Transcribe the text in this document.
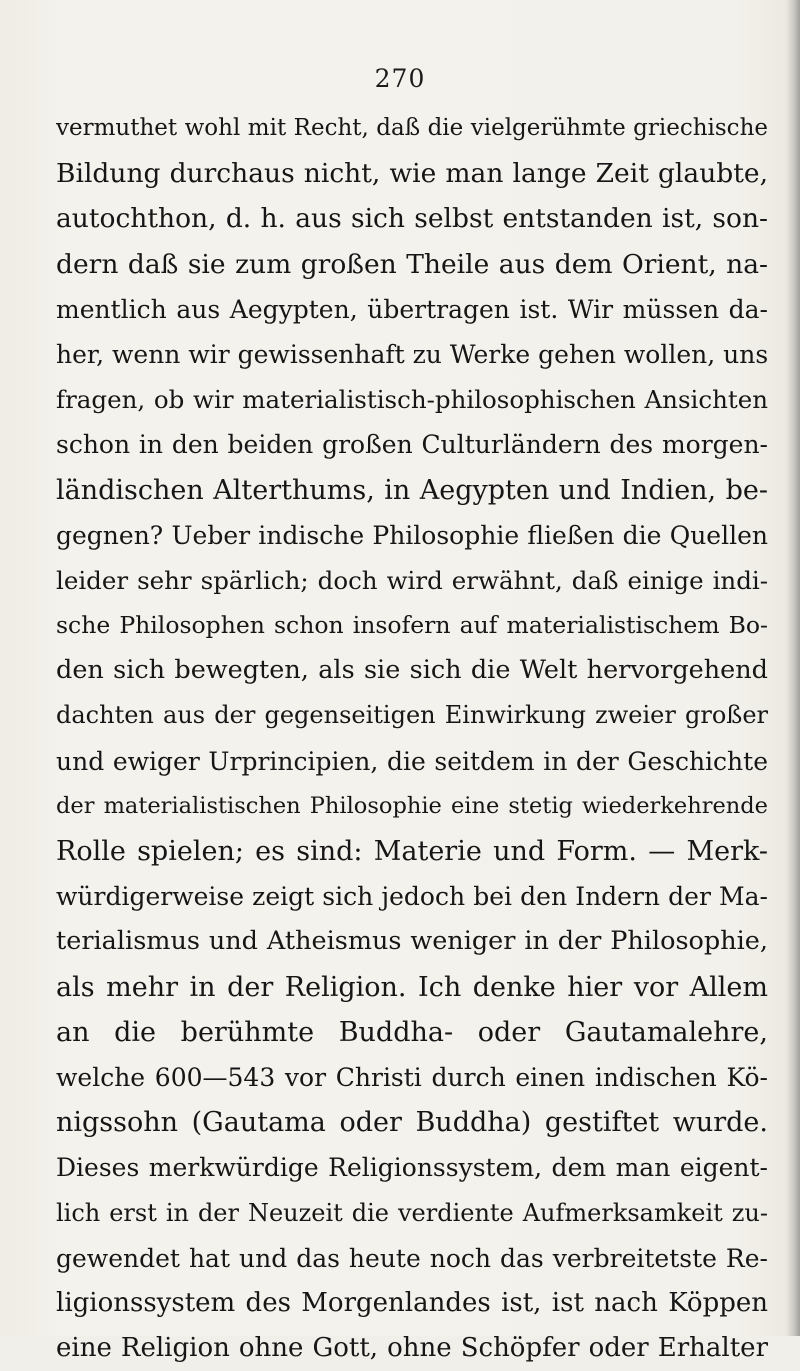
270
vermuthet wohl mit Recht, daß die vielgerühmte griechische
Bildung durchaus nicht, wie man lange Zeit glaubte,
autochthon, d. h. aus sich selbst entstanden ist, son-
dern daß sie zum großen Theile aus dem Orient, na-
mentlich aus Aegypten, übertragen ist. Wir müssen da-
her, wenn wir gewissenhaft zu Werke gehen wollen, uns
fragen, ob wir materialistisch-philosophischen Ansichten
schon in den beiden großen Culturländern des morgen-
ländischen Alterthums, in Aegypten und Indien, be-
gegnen? Ueber indische Philosophie fließen die Quellen
leider sehr spärlich; doch wird erwähnt, daß einige indi-
sche Philosophen schon insofern auf materialistischem Bo-
den sich bewegten, als sie sich die Welt hervorgehend
dachten aus der gegenseitigen Einwirkung zweier großer
und ewiger Urprincipien, die seitdem in der Geschichte
der materialistischen Philosophie eine stetig wiederkehrende
Rolle spielen; es sind: Materie und Form. — Merk-
würdigerweise zeigt sich jedoch bei den Indern der Ma-
terialismus und Atheismus weniger in der Philosophie,
als mehr in der Religion. Ich denke hier vor Allem
an die berühmte Buddha- oder Gautamalehre,
welche 600—543 vor Christi durch einen indischen Kö-
nigssohn (Gautama oder Buddha) gestiftet wurde.
Dieses merkwürdige Religionssystem, dem man eigent-
lich erst in der Neuzeit die verdiente Aufmerksamkeit zu-
gewendet hat und das heute noch das verbreitetste Re-
ligionssystem des Morgenlandes ist, ist nach Köppen
eine Religion ohne Gott, ohne Schöpfer oder Erhalter
